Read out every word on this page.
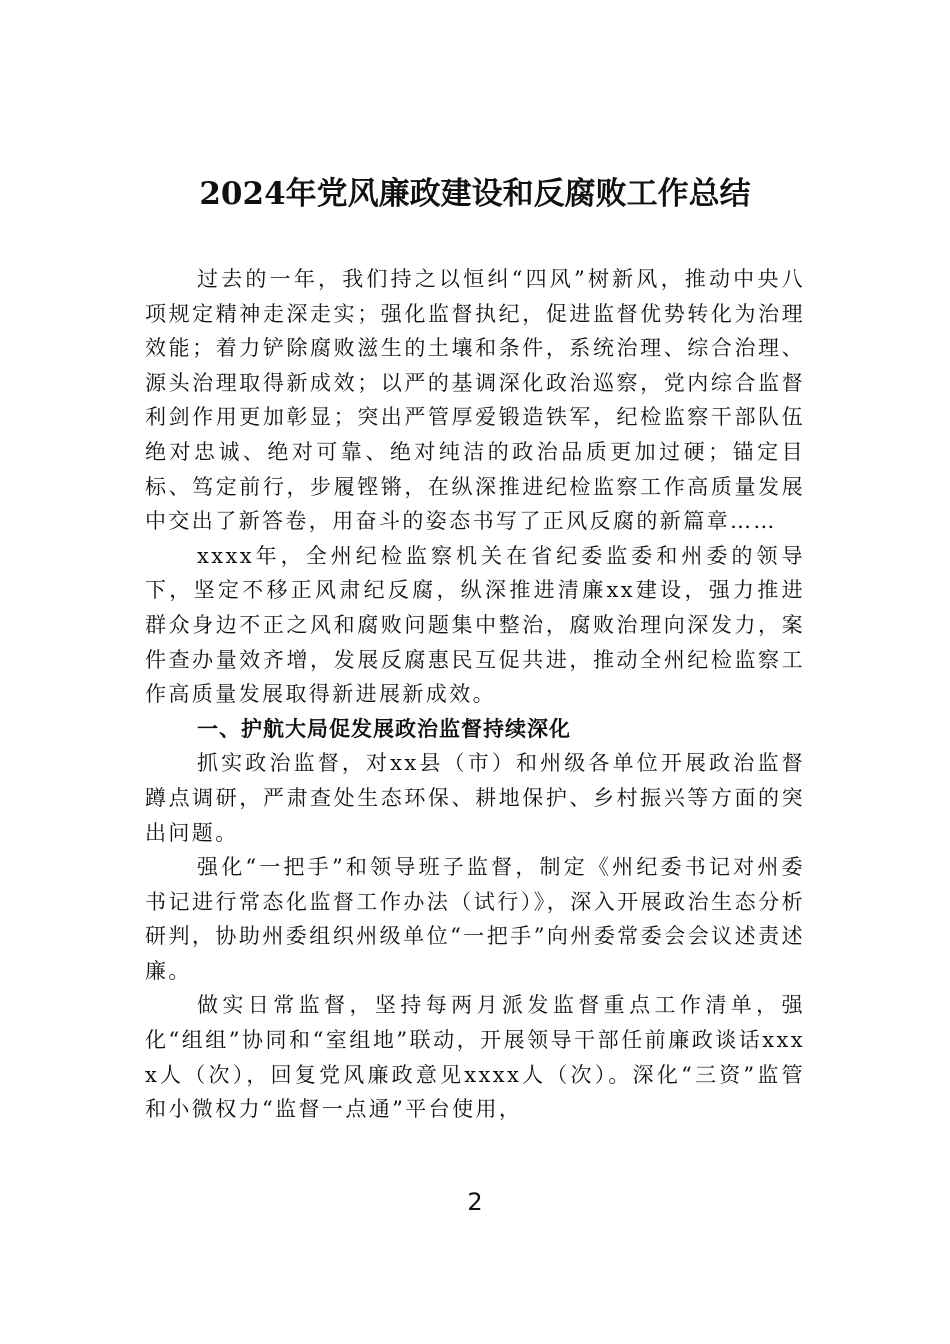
2024年党风廉政建设和反腐败工作总结

过去的一年，我们持之以恒纠“四风”树新风，推动中央八项规定精神走深走实；强化监督执纪，促进监督优势转化为治理效能；着力铲除腐败滋生的土壤和条件，系统治理、综合治理、源头治理取得新成效；以严的基调深化政治巡察，党内综合监督利剑作用更加彰显；突出严管厚爱锻造铁军，纪检监察干部队伍绝对忠诚、绝对可靠、绝对纯洁的政治品质更加过硬；锚定目标、笃定前行，步履铿锵，在纵深推进纪检监察工作高质量发展中交出了新答卷，用奋斗的姿态书写了正风反腐的新篇章……

xxxx年，全州纪检监察机关在省纪委监委和州委的领导下，坚定不移正风肃纪反腐，纵深推进清廉xx建设，强力推进群众身边不正之风和腐败问题集中整治，腐败治理向深发力，案件查办量效齐增，发展反腐惠民互促共进，推动全州纪检监察工作高质量发展取得新进展新成效。

一、护航大局促发展政治监督持续深化

抓实政治监督，对xx县（市）和州级各单位开展政治监督蹲点调研，严肃查处生态环保、耕地保护、乡村振兴等方面的突出问题。

强化“一把手”和领导班子监督，制定《州纪委书记对州委书记进行常态化监督工作办法（试行）》，深入开展政治生态分析研判，协助州委组织州级单位“一把手”向州委常委会会议述责述廉。

做实日常监督，坚持每两月派发监督重点工作清单，强化“组组”协同和“室组地”联动，开展领导干部任前廉政谈话xxxx人（次），回复党风廉政意见xxxx人（次）。深化“三资”监管和小微权力“监督一点通”平台使用，

2
